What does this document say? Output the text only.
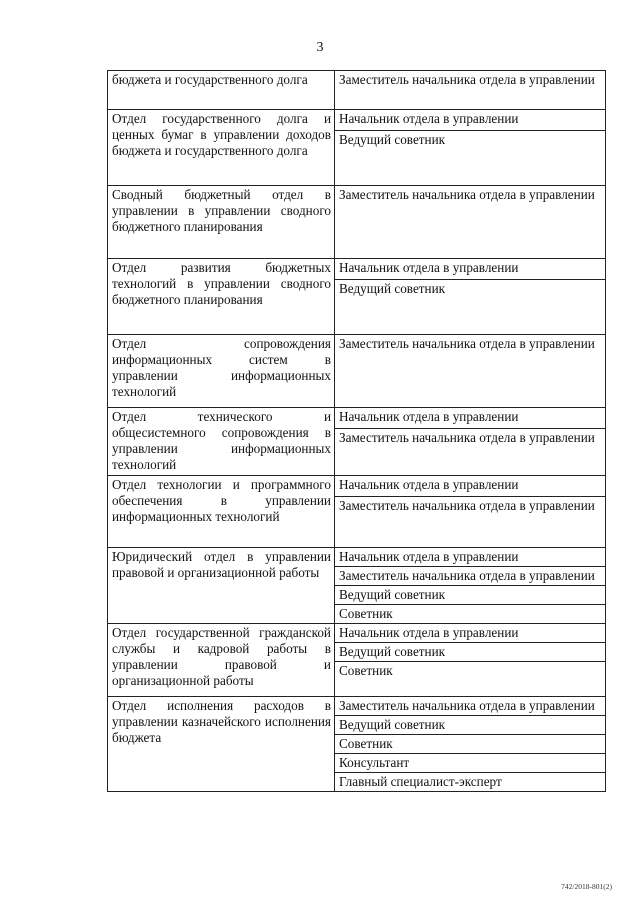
3
бюджета и государственного долга	Заместитель начальника отдела в управлении
Отдел государственного долга и ценных бумаг в управлении доходов бюджета и государственного долга	Начальник отдела в управлении
	Ведущий советник
Сводный бюджетный отдел в управлении в управлении сводного бюджетного планирования	Заместитель начальника отдела в управлении
Отдел развития бюджетных технологий в управлении сводного бюджетного планирования	Начальник отдела в управлении
	Ведущий советник
Отдел сопровождения информационных систем в управлении информационных технологий	Заместитель начальника отдела в управлении
Отдел технического и общесистемного сопровождения в управлении информационных технологий	Начальник отдела в управлении
	Заместитель начальника отдела в управлении
Отдел технологии и программного обеспечения в управлении информационных технологий	Начальник отдела в управлении
	Заместитель начальника отдела в управлении
Юридический отдел в управлении правовой и организационной работы	Начальник отдела в управлении
	Заместитель начальника отдела в управлении
	Ведущий советник
	Советник
Отдел государственной гражданской службы и кадровой работы в управлении правовой и организационной работы	Начальник отдела в управлении
	Ведущий советник
	Советник
Отдел исполнения расходов в управлении казначейского исполнения бюджета	Заместитель начальника отдела в управлении
	Ведущий советник
	Советник
	Консультант
	Главный специалист-эксперт
742/2018-801(2)
